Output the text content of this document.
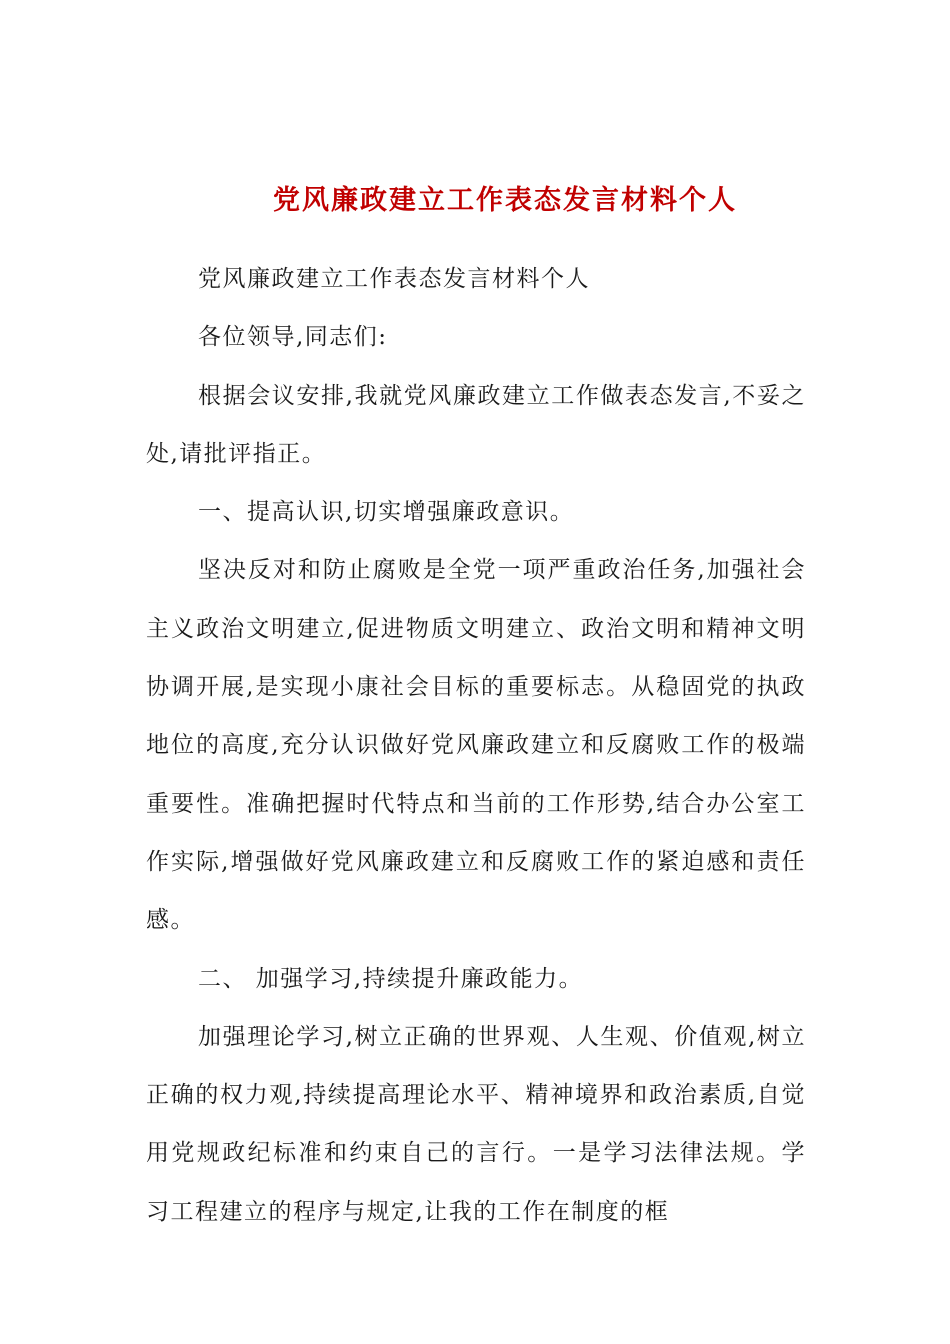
党风廉政建立工作表态发言材料个人

党风廉政建立工作表态发言材料个人

各位领导,同志们:

根据会议安排,我就党风廉政建立工作做表态发言,不妥之处,请批评指正。

一、提高认识,切实增强廉政意识。

坚决反对和防止腐败是全党一项严重政治任务,加强社会主义政治文明建立,促进物质文明建立、政治文明和精神文明协调开展,是实现小康社会目标的重要标志。从稳固党的执政地位的高度,充分认识做好党风廉政建立和反腐败工作的极端重要性。准确把握时代特点和当前的工作形势,结合办公室工作实际,增强做好党风廉政建立和反腐败工作的紧迫感和责任感。

二、 加强学习,持续提升廉政能力。

加强理论学习,树立正确的世界观、人生观、价值观,树立正确的权力观,持续提高理论水平、精神境界和政治素质,自觉用党规政纪标准和约束自己的言行。一是学习法律法规。学习工程建立的程序与规定,让我的工作在制度的框
